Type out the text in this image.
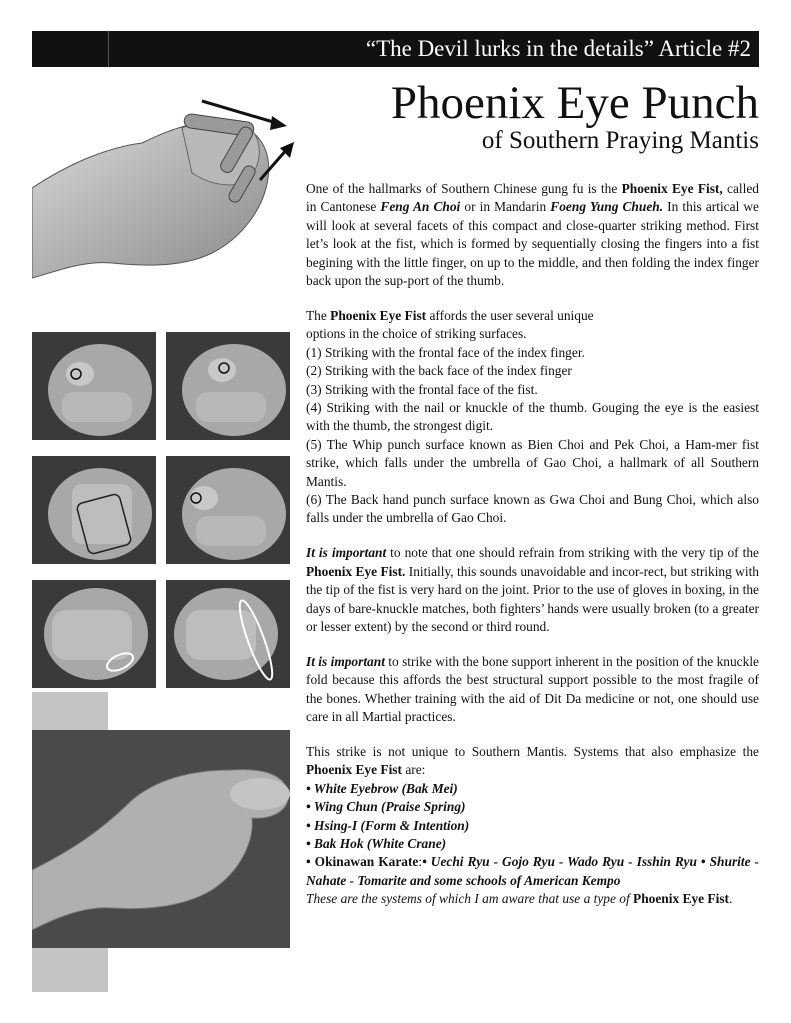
“The Devil lurks in the details” Article #2
Phoenix Eye Punch
of Southern Praying Mantis

One of the hallmarks of Southern Chinese gung fu is the Phoenix Eye Fist, called in Cantonese Feng An Choi or in Mandarin Foeng Yung Chueh. In this artical we will look at several facets of this compact and close-quarter striking method. First let’s look at the fist, which is formed by sequentially closing the fingers into a fist begining with the little finger, on up to the middle, and then folding the index finger back upon the sup-port of the thumb.

The Phoenix Eye Fist affords the user several unique
options in the choice of striking surfaces.
(1) Striking with the frontal face of the index finger.
(2) Striking with the back face of the index finger
(3) Striking with the frontal face of the fist.
(4) Striking with the nail or knuckle of the thumb. Gouging the eye is the easiest with the thumb, the strongest digit.
(5) The Whip punch surface known as Bien Choi and Pek Choi, a Ham-mer fist strike, which falls under the umbrella of Gao Choi, a hallmark of all Southern Mantis.
(6) The Back hand punch surface known as Gwa Choi and Bung Choi, which also falls under the umbrella of Gao Choi.

It is important to note that one should refrain from striking with the very tip of the Phoenix Eye Fist. Initially, this sounds unavoidable and incor-rect, but striking with the tip of the fist is very hard on the joint. Prior to the use of gloves in boxing, in the days of bare-knuckle matches, both fighters’ hands were usually broken (to a greater or lesser extent) by the second or third round.

It is important to strike with the bone support inherent in the position of the knuckle fold because this affords the best structural support possible to the most fragile of the bones. Whether training with the aid of Dit Da medicine or not, one should use care in all Martial practices.

This strike is not unique to Southern Mantis. Systems that also emphasize the Phoenix Eye Fist are:
• White Eyebrow (Bak Mei)
• Wing Chun (Praise Spring)
• Hsing-I (Form & Intention)
• Bak Hok (White Crane)
• Okinawan Karate:• Uechi Ryu - Gojo Ryu - Wado Ryu - Isshin Ryu • Shurite - Nahate - Tomarite and some schools of American Kempo
These are the systems of which I am aware that use a type of Phoenix Eye Fist.
